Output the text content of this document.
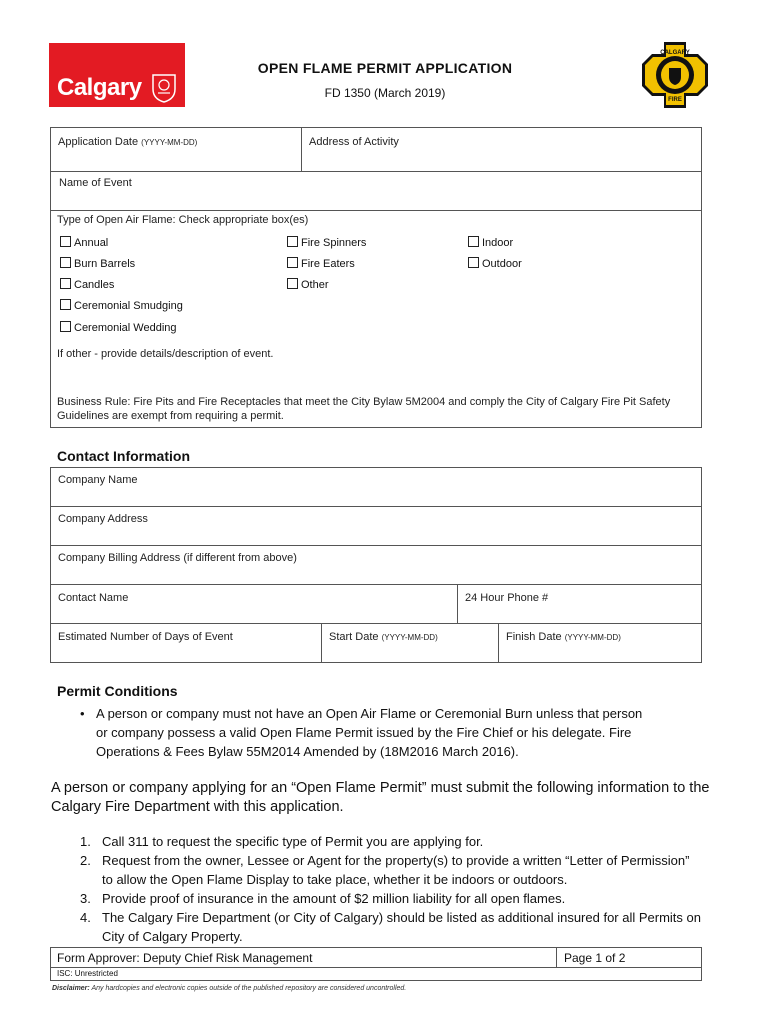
Calgary
OPEN FLAME PERMIT APPLICATION
FD 1350 (March 2019)
CALGARY
FIRE
Application Date (YYYY-MM-DD)	Address of Activity
Name of Event
Type of Open Air Flame: Check appropriate box(es)
Annual
Burn Barrels
Candles
Ceremonial Smudging
Ceremonial Wedding
Fire Spinners
Fire Eaters
Other
Indoor
Outdoor
If other - provide details/description of event.
Business Rule: Fire Pits and Fire Receptacles that meet the City Bylaw 5M2004 and comply the City of Calgary Fire Pit Safety Guidelines are exempt from requiring a permit.
Contact Information
Company Name
Company Address
Company Billing Address (if different from above)
Contact Name	24 Hour Phone #
Estimated Number of Days of Event	Start Date (YYYY-MM-DD)	Finish Date (YYYY-MM-DD)
Permit Conditions
• A person or company must not have an Open Air Flame or Ceremonial Burn unless that person or company possess a valid Open Flame Permit issued by the Fire Chief or his delegate. Fire Operations & Fees Bylaw 55M2014 Amended by (18M2016 March 2016).
A person or company applying for an “Open Flame Permit” must submit the following information to the Calgary Fire Department with this application.
1. Call 311 to request the specific type of Permit you are applying for.
2. Request from the owner, Lessee or Agent for the property(s) to provide a written “Letter of Permission” to allow the Open Flame Display to take place, whether it be indoors or outdoors.
3. Provide proof of insurance in the amount of $2 million liability for all open flames.
4. The Calgary Fire Department (or City of Calgary) should be listed as additional insured for all Permits on City of Calgary Property.
Form Approver: Deputy Chief Risk Management	Page 1 of 2
ISC: Unrestricted
Disclaimer: Any hardcopies and electronic copies outside of the published repository are considered uncontrolled.
